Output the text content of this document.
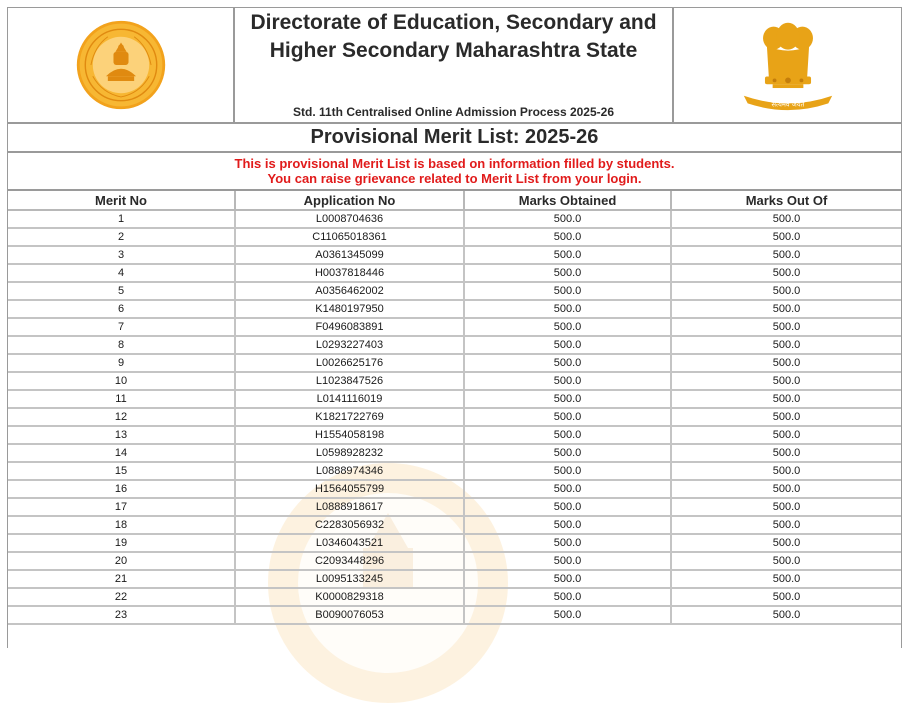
Directorate of Education, Secondary and Higher Secondary Maharashtra State
Std. 11th Centralised Online Admission Process 2025-26
सत्यमेव जयते
Provisional Merit List: 2025-26
This is provisional Merit List is based on information filled by students.
You can raise grievance related to Merit List from your login.
Merit No	Application No	Marks Obtained	Marks Out Of
1	L0008704636	500.0	500.0
2	C11065018361	500.0	500.0
3	A0361345099	500.0	500.0
4	H0037818446	500.0	500.0
5	A0356462002	500.0	500.0
6	K1480197950	500.0	500.0
7	F0496083891	500.0	500.0
8	L0293227403	500.0	500.0
9	L0026625176	500.0	500.0
10	L1023847526	500.0	500.0
11	L0141116019	500.0	500.0
12	K1821722769	500.0	500.0
13	H1554058198	500.0	500.0
14	L0598928232	500.0	500.0
15	L0888974346	500.0	500.0
16	H1564055799	500.0	500.0
17	L0888918617	500.0	500.0
18	C2283056932	500.0	500.0
19	L0346043521	500.0	500.0
20	C2093448296	500.0	500.0
21	L0095133245	500.0	500.0
22	K0000829318	500.0	500.0
23	B0090076053	500.0	500.0
